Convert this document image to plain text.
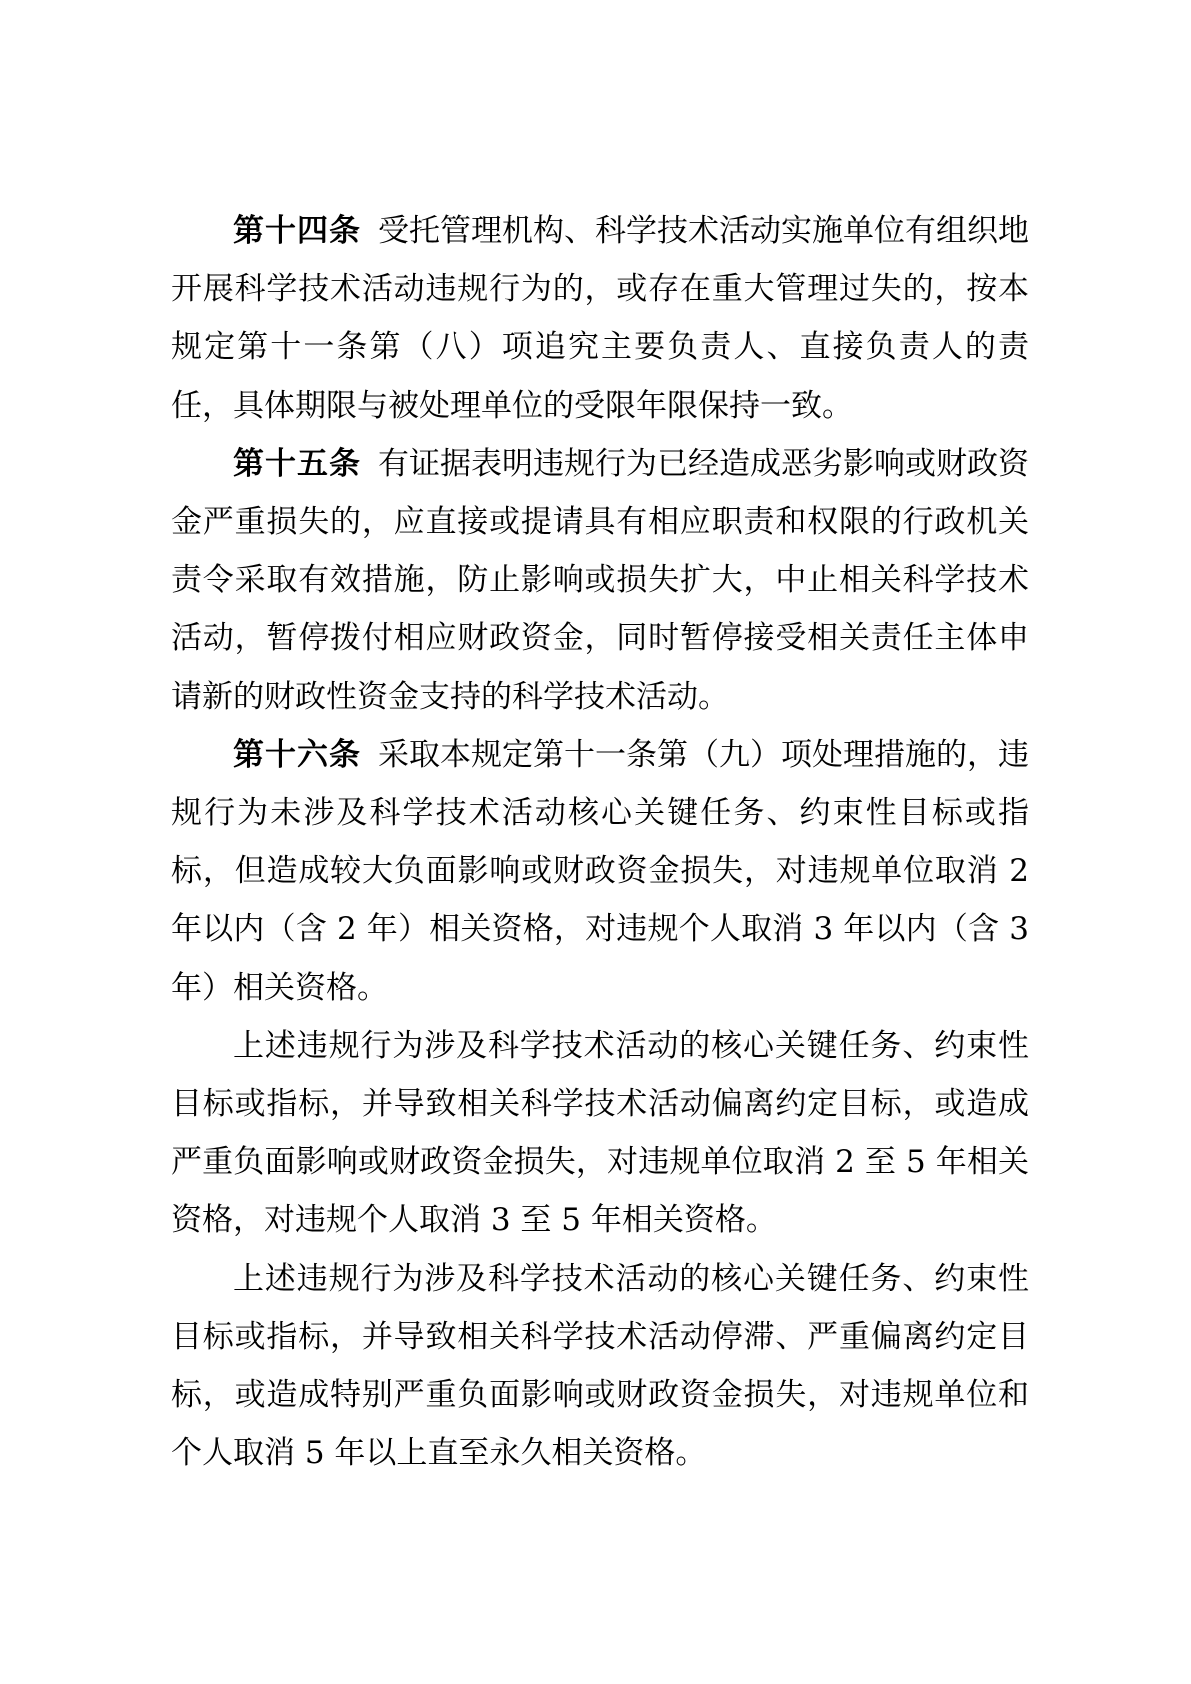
第十四条 受托管理机构、科学技术活动实施单位有组织地开展科学技术活动违规行为的，或存在重大管理过失的，按本规定第十一条第（八）项追究主要负责人、直接负责人的责任，具体期限与被处理单位的受限年限保持一致。

第十五条 有证据表明违规行为已经造成恶劣影响或财政资金严重损失的，应直接或提请具有相应职责和权限的行政机关责令采取有效措施，防止影响或损失扩大，中止相关科学技术活动，暂停拨付相应财政资金，同时暂停接受相关责任主体申请新的财政性资金支持的科学技术活动。

第十六条 采取本规定第十一条第（九）项处理措施的，违规行为未涉及科学技术活动核心关键任务、约束性目标或指标，但造成较大负面影响或财政资金损失，对违规单位取消 2 年以内（含 2 年）相关资格，对违规个人取消 3 年以内（含 3 年）相关资格。

上述违规行为涉及科学技术活动的核心关键任务、约束性目标或指标，并导致相关科学技术活动偏离约定目标，或造成严重负面影响或财政资金损失，对违规单位取消 2 至 5 年相关资格，对违规个人取消 3 至 5 年相关资格。

上述违规行为涉及科学技术活动的核心关键任务、约束性目标或指标，并导致相关科学技术活动停滞、严重偏离约定目标，或造成特别严重负面影响或财政资金损失，对违规单位和个人取消 5 年以上直至永久相关资格。
